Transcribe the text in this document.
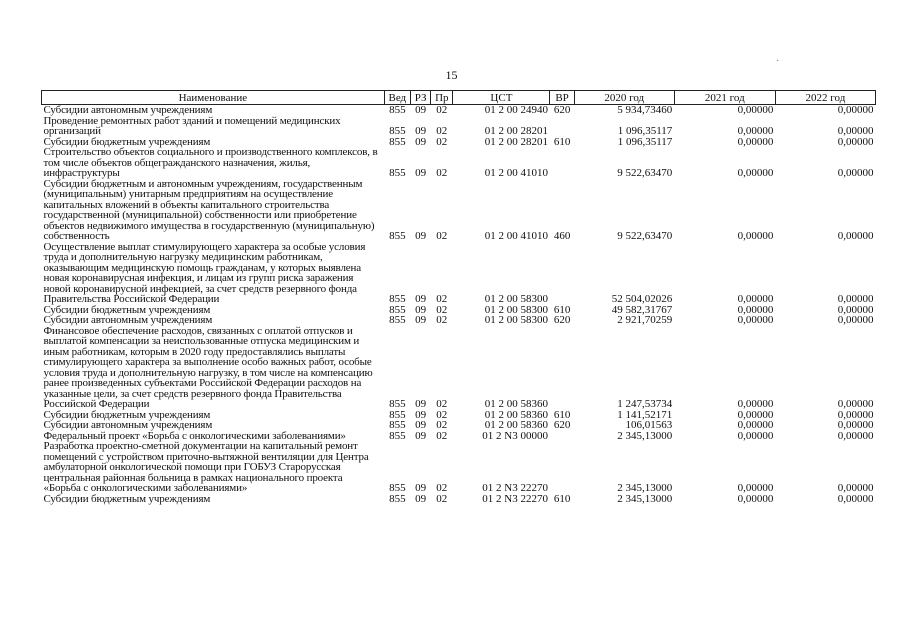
15
·
Наименование	Вед	РЗ	Пр	ЦСТ	ВР	2020 год	2021 год	2022 год
Субсидии автономным учреждениям	855	09	02	01 2 00 24940	620	5 934,73460	0,00000	0,00000
Проведение ремонтных работ зданий и помещений медицинских организаций	855	09	02	01 2 00 28201		1 096,35117	0,00000	0,00000
Субсидии бюджетным учреждениям	855	09	02	01 2 00 28201	610	1 096,35117	0,00000	0,00000
Строительство объектов социального и производственного комплексов, в том числе объектов общегражданского назначения, жилья, инфраструктуры	855	09	02	01 2 00 41010		9 522,63470	0,00000	0,00000
Субсидии бюджетным и автономным учреждениям, государственным (муниципальным) унитарным предприятиям на осуществление капитальных вложений в объекты капитального строительства государственной (муниципальной) собственности или приобретение объектов недвижимого имущества в государственную (муниципальную) собственность	855	09	02	01 2 00 41010	460	9 522,63470	0,00000	0,00000
Осуществление выплат стимулирующего характера за особые условия труда и дополнительную нагрузку медицинским работникам, оказывающим медицинскую помощь гражданам, у которых выявлена новая коронавирусная инфекция, и лицам из групп риска заражения новой коронавирусной инфекцией, за счет средств резервного фонда Правительства Российской Федерации	855	09	02	01 2 00 58300		52 504,02026	0,00000	0,00000
Субсидии бюджетным учреждениям	855	09	02	01 2 00 58300	610	49 582,31767	0,00000	0,00000
Субсидии автономным учреждениям	855	09	02	01 2 00 58300	620	2 921,70259	0,00000	0,00000
Финансовое обеспечение расходов, связанных с оплатой отпусков и выплатой компенсации за неиспользованные отпуска медицинским и иным работникам, которым в 2020 году предоставлялись выплаты стимулирующего характера за выполнение особо важных работ, особые условия труда и дополнительную нагрузку, в том числе на компенсацию ранее произведенных субъектами Российской Федерации расходов на указанные цели, за счет средств резервного фонда Правительства Российской Федерации	855	09	02	01 2 00 58360		1 247,53734	0,00000	0,00000
Субсидии бюджетным учреждениям	855	09	02	01 2 00 58360	610	1 141,52171	0,00000	0,00000
Субсидии автономным учреждениям	855	09	02	01 2 00 58360	620	106,01563	0,00000	0,00000
Федеральный проект «Борьба с онкологическими заболеваниями»	855	09	02	01 2 N3 00000		2 345,13000	0,00000	0,00000
Разработка проектно-сметной документации на капитальный ремонт помещений с устройством приточно-вытяжной вентиляции для Центра амбулаторной онкологической помощи при ГОБУЗ Старорусская центральная районная больница в рамках национального проекта «Борьба с онкологическими заболеваниями»	855	09	02	01 2 N3 22270		2 345,13000	0,00000	0,00000
Субсидии бюджетным учреждениям	855	09	02	01 2 N3 22270	610	2 345,13000	0,00000	0,00000
